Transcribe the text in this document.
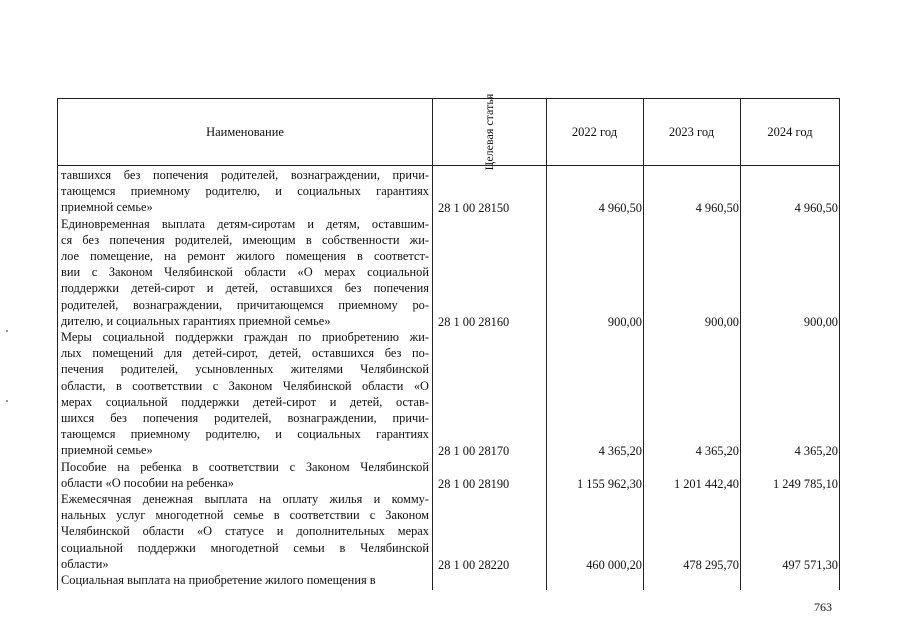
Наименование	Целевая статья	2022 год	2023 год	2024 год
тавшихся без попечения родителей, вознаграждении, причи-
тающемся приемному родителю, и социальных гарантиях
приемной семье»	28 1 00 28150	4 960,50	4 960,50	4 960,50
Единовременная выплата детям-сиротам и детям, оставшим-
ся без попечения родителей, имеющим в собственности жи-
лое помещение, на ремонт жилого помещения в соответст-
вии с Законом Челябинской области «О мерах социальной
поддержки детей-сирот и детей, оставшихся без попечения
родителей, вознаграждении, причитающемся приемному ро-
дителю, и социальных гарантиях приемной семье»	28 1 00 28160	900,00	900,00	900,00
Меры социальной поддержки граждан по приобретению жи-
лых помещений для детей-сирот, детей, оставшихся без по-
печения родителей, усыновленных жителями Челябинской
области, в соответствии с Законом Челябинской области «О
мерах социальной поддержки детей-сирот и детей, остав-
шихся без попечения родителей, вознаграждении, причи-
тающемся приемному родителю, и социальных гарантиях
приемной семье»	28 1 00 28170	4 365,20	4 365,20	4 365,20
Пособие на ребенка в соответствии с Законом Челябинской
области «О пособии на ребенка»	28 1 00 28190	1 155 962,30	1 201 442,40	1 249 785,10
Ежемесячная денежная выплата на оплату жилья и комму-
нальных услуг многодетной семье в соответствии с Законом
Челябинской области «О статусе и дополнительных мерах
социальной поддержки многодетной семьи в Челябинской
области»	28 1 00 28220	460 000,20	478 295,70	497 571,30
Социальная выплата на приобретение жилого помещения в
763
